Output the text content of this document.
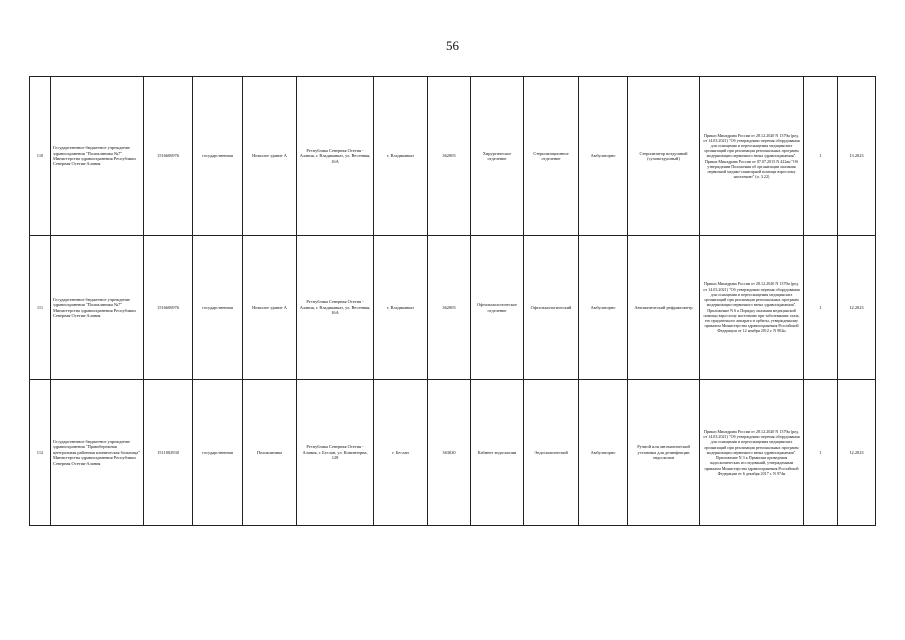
56
110	Государственное бюджетное учреждение здравоохранения "Поликлиника №7" Министерства здравоохранения Республики Северная Осетия-Алания	1516606976	государственная	Нежилое здание А	Республика Северная Осетия - Алания, г. Владикавказ, ул. Весенняя, 16А	г. Владикавказ	362003	Хирургическое отделение	Стерилизационное отделение	Амбулаторно	Стерилизатор воздушный (суховоздушный)	Приказ Минздрава России от 28.12.2020 N 1379н (ред. от 14.03.2021) "Об утверждении перечня оборудования для оснащения и переоснащения медицинских организаций при реализации региональных программ модернизации первичного звена здравоохранения". Приказ Минздрава России от 07.07.2015 N 422ан "Об утверждении Положения об организации оказания первичной медико-санитарной помощи взрослому населению" (п. 3.22)	1	13.2023
111	Государственное бюджетное учреждение здравоохранения "Поликлиника №7" Министерства здравоохранения Республики Северная Осетия-Алания	1516606976	государственная	Нежилое здание А	Республика Северная Осетия - Алания, г. Владикавказ, ул. Весенняя, 16А	г. Владикавказ	362003	Офтальмологическое отделение	Офтальмологический	Амбулаторно	Автоматический рефрактометр	Приказ Минздрава России от 28.12.2020 N 1379н (ред. от 14.03.2021) "Об утверждении перечня оборудования для оснащения и переоснащения медицинских организаций при реализации региональных программ модернизации первичного звена здравоохранения". Приложение N 6 к Порядку оказания медицинской помощи взрослому населению при заболеваниях глаза, его придаточного аппарата и орбиты, утвержденному приказом Министерства здравоохранения Российской Федерации от 12 ноября 2012 г. N 902н	1	12.2023
112	Государственное бюджетное учреждение здравоохранения "Правобережная центральная районная клиническая больница" Министерства здравоохранения Республики Северная Осетия-Алания	1511002930	государственная	Поликлиника	Республика Северная Осетия - Алания, г. Беслан, ул. Коминтерна, 128	г. Беслан	363020	Кабинет эндоскопии	Эндоскопический	Амбулаторно	Ручной или автоматический установка для дезинфекции эндоскопов	Приказ Минздрава России от 28.12.2020 N 1379н (ред. от 14.03.2021) "Об утверждении перечня оборудования для оснащения и переоснащения медицинских организаций при реализации региональных программ модернизации первичного звена здравоохранения". Приложение N 3 к Правилам проведения эндоскопических исследований, утвержденным приказом Министерства здравоохранения Российской Федерации от 6 декабря 2017 г. N 974н	1	12.2023
